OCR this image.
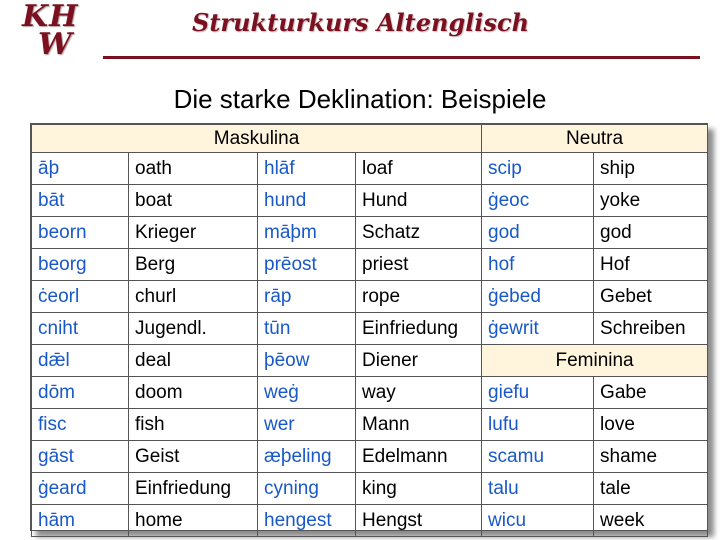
KH
W
Strukturkurs Altenglisch
Die starke Deklination: Beispiele
Maskulina				Neutra	
āþ	oath	hlāf	loaf	scip	ship
bāt	boat	hund	Hund	ġeoc	yoke
beorn	Krieger	māþm	Schatz	god	god
beorg	Berg	prēost	priest	hof	Hof
ċeorl	churl	rāp	rope	ġebed	Gebet
cniht	Jugendl.	tūn	Einfriedung	ġewrit	Schreiben
dǣl	deal	þēow	Diener	Feminina	
dōm	doom	weġ	way	giefu	Gabe
fisc	fish	wer	Mann	lufu	love
gāst	Geist	æþeling	Edelmann	scamu	shame
ġeard	Einfriedung	cyning	king	talu	tale
hām	home	hengest	Hengst	wicu	week
